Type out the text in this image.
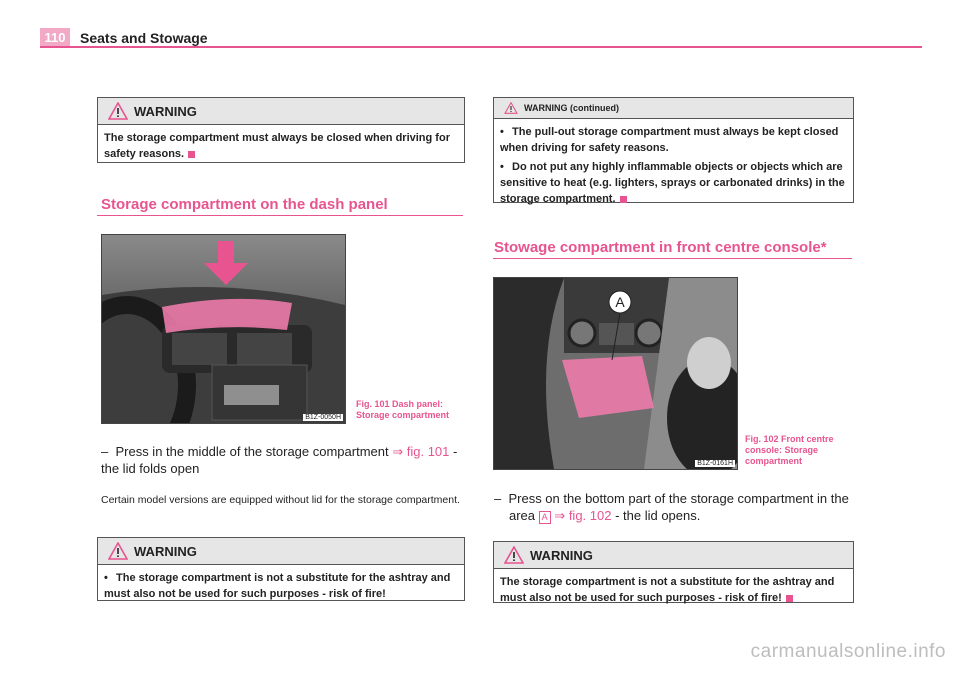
110	Seats and Stowage
WARNING
The storage compartment must always be closed when driving for safety reasons.
Storage compartment on the dash panel
B1Z-0050H
Fig. 101 Dash panel:
Storage compartment
– Press in the middle of the storage compartment ⇒ fig. 101 - the lid folds open
Certain model versions are equipped without lid for the storage compartment.
WARNING
• The storage compartment is not a substitute for the ashtray and must also not be used for such purposes - risk of fire!
WARNING (continued)

• The pull-out storage compartment must always be kept closed when driving for safety reasons.

• Do not put any highly inflammable objects or objects which are sensitive to heat (e.g. lighters, sprays or carbonated drinks) in the storage compartment.

Stowage compartment in front centre console*
A
B1Z-0161H
Fig. 102 Front centre
console: Storage
compartment
– Press on the bottom part of the storage compartment in the
area A ⇒ fig. 102 - the lid opens.
WARNING
The storage compartment is not a substitute for the ashtray and must also not be used for such purposes - risk of fire!
carmanualsonline.info
